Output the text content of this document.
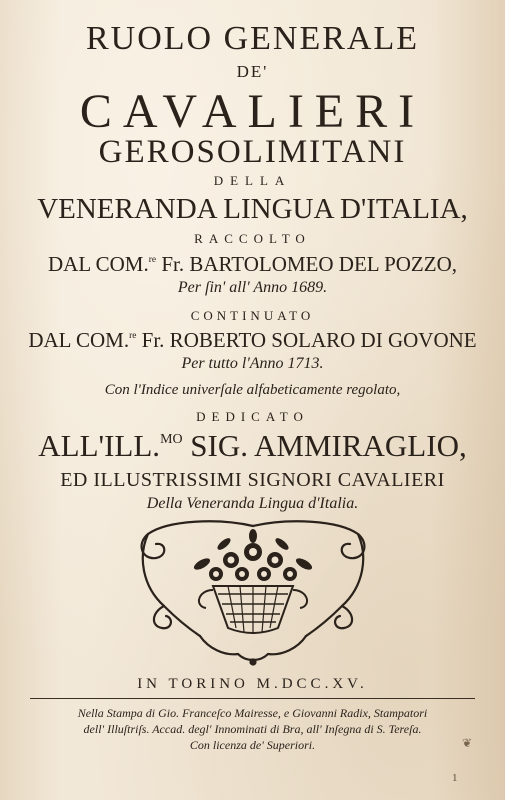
RUOLO GENERALE
DE'
CAVALIERI
GEROSOLIMITANI
DELLA
VENERANDA LINGUA D'ITALIA,
RACCOLTO
DAL COM.$^{re}$ Fr. BARTOLOMEO DEL POZZO,
Per ſin' all' Anno 1689.
CONTINUATO
DAL COM.$^{re}$ Fr. ROBERTO SOLARO DI GOVONE
Per tutto l'Anno 1713.
Con l'Indice univerſale alfabeticamente regolato,
DEDICATO
ALL'ILL.$^{MO}$ SIG. AMMIRAGLIO,
ED ILLUSTRISSIMI SIGNORI CAVALIERI
Della Veneranda Lingua d'Italia.
IN TORINO M.DCC.XV.
Nella Stampa di Gio. Franceſco Mairesse, e Giovanni Radix, Stampatori
dell' Illuſtriſs. Accad. degl' Innominati di Bra, all' Inſegna di S. Tereſa.
Con licenza de' Superiori.	❦
1
